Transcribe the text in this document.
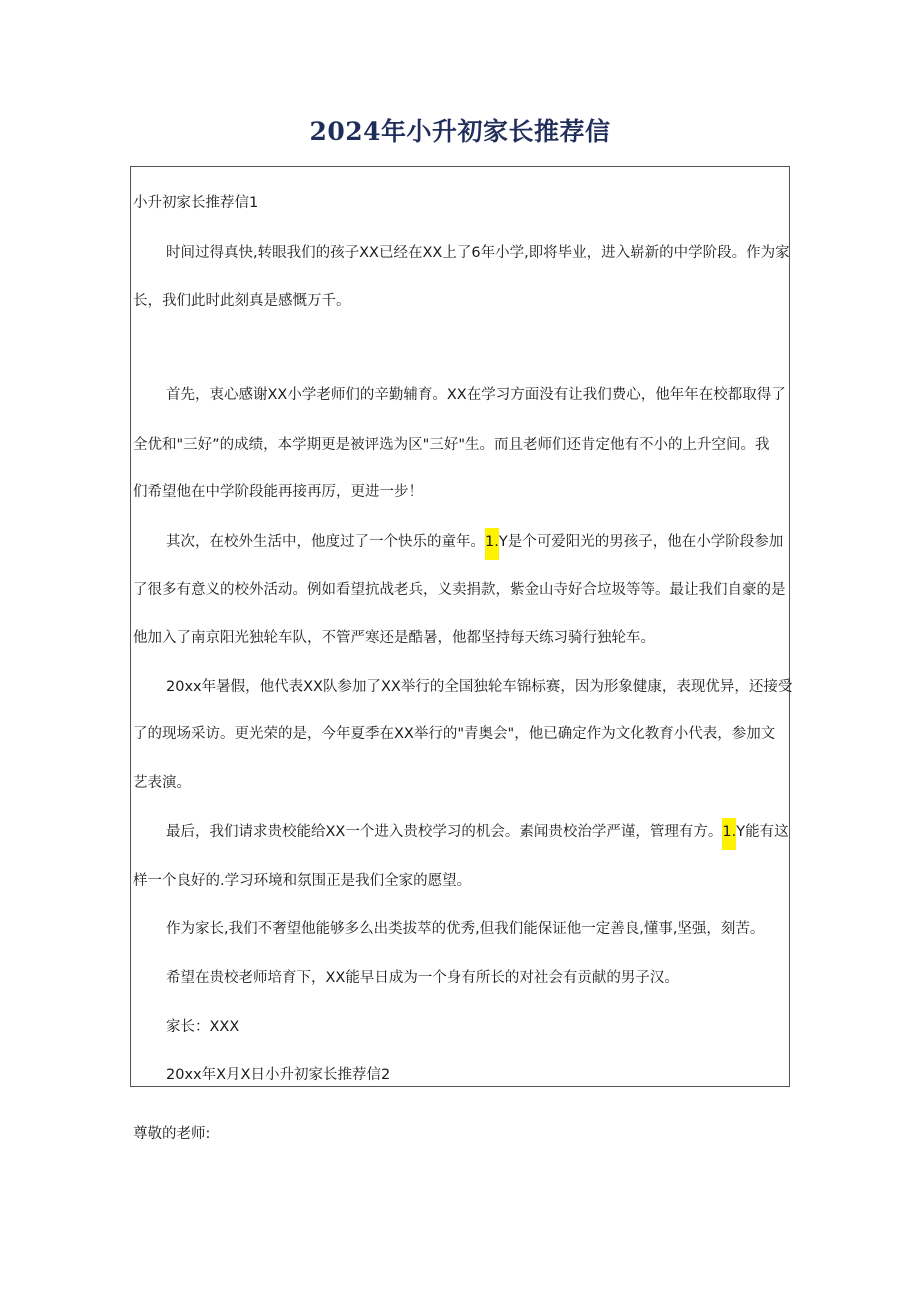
2024年小升初家长推荐信
小升初家长推荐信1
时间过得真快,转眼我们的孩子XX已经在XX上了6年小学,即将毕业，进入崭新的中学阶段。作为家
长，我们此时此刻真是感慨万千。
首先，衷心感谢XX小学老师们的辛勤辅育。XX在学习方面没有让我们费心，他年年在校都取得了
全优和"三好”的成绩，本学期更是被评选为区"三好"生。而且老师们还肯定他有不小的上升空间。我
们希望他在中学阶段能再接再厉，更进一步！
其次，在校外生活中，他度过了一个快乐的童年。1.Y是个可爱阳光的男孩子，他在小学阶段参加
了很多有意义的校外活动。例如看望抗战老兵，义卖捐款，紫金山寺好合垃圾等等。最让我们自豪的是
他加入了南京阳光独轮车队，不管严寒还是酷暑，他都坚持每天练习骑行独轮车。
20xx年暑假，他代表XX队参加了XX举行的全国独轮车锦标赛，因为形象健康，表现优异，还接受
了的现场采访。更光荣的是，今年夏季在XX举行的"青奥会"，他已确定作为文化教育小代表，参加文
艺表演。
最后，我们请求贵校能给XX一个进入贵校学习的机会。素闻贵校治学严谨，管理有方。1.Y能有这
样一个良好的.学习环境和氛围正是我们全家的愿望。
作为家长,我们不奢望他能够多么出类拔萃的优秀,但我们能保证他一定善良,懂事,坚强，刻苦。
希望在贵校老师培育下，XX能早日成为一个身有所长的对社会有贡献的男子汉。
家长：XXX
20xx年X月X日小升初家长推荐信2
尊敬的老师:
